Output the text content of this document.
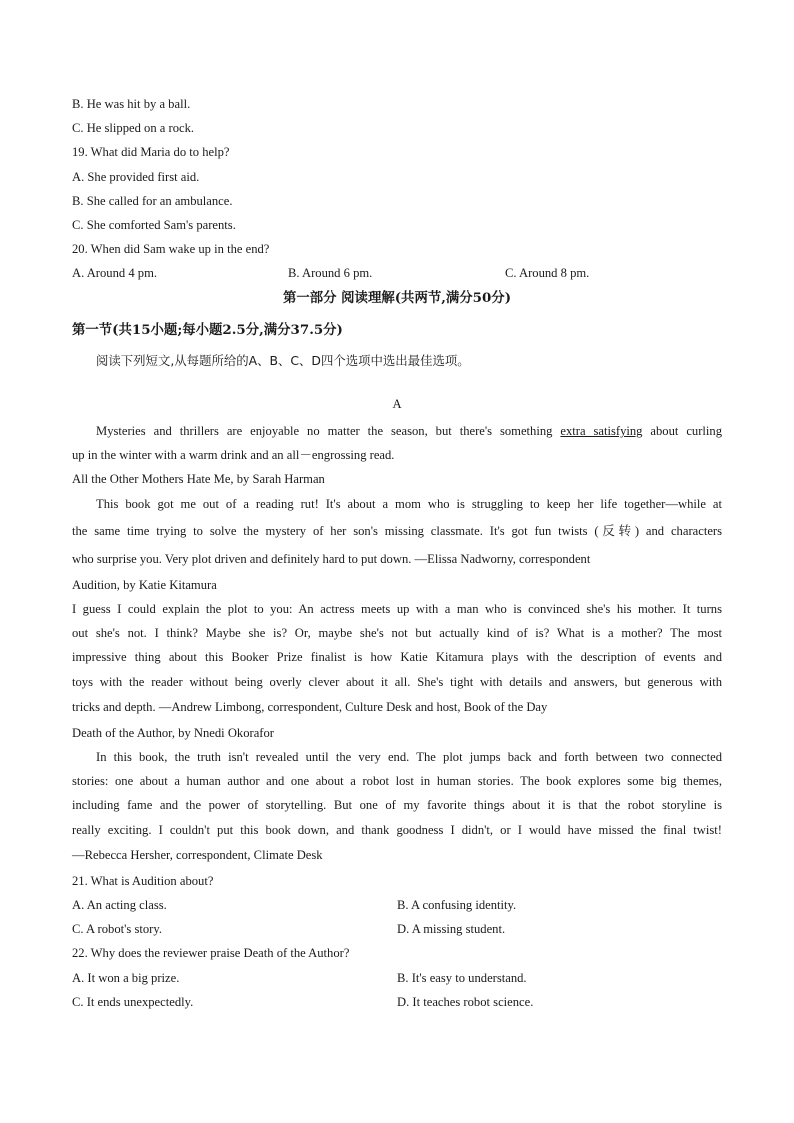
B. He was hit by a ball.
C. He slipped on a rock.
19. What did Maria do to help?
A. She provided first aid.
B. She called for an ambulance.
C. She comforted Sam's parents.
20. When did Sam wake up in the end?
A. Around 4 pm.	B. Around 6 pm.	C. Around 8 pm.
第一部分 阅读理解(共两节,满分50分)
第一节(共15小题;每小题2.5分,满分37.5分)
阅读下列短文,从每题所给的A、B、C、D四个选项中选出最佳选项。
A
Mysteries and thrillers are enjoyable no matter the season, but there's something extra satisfying about curling
up in the winter with a warm drink and an all－engrossing read.
All the Other Mothers Hate Me, by Sarah Harman
This book got me out of a reading rut! It's about a mom who is struggling to keep her life together—while at
the same time trying to solve the mystery of her son's missing classmate. It's got fun twists (反转) and characters
who surprise you. Very plot driven and definitely hard to put down. —Elissa Nadworny, correspondent
Audition, by Katie Kitamura
I guess I could explain the plot to you: An actress meets up with a man who is convinced she's his mother. It turns
out she's not. I think? Maybe she is? Or, maybe she's not but actually kind of is? What is a mother? The most
impressive thing about this Booker Prize finalist is how Katie Kitamura plays with the description of events and
toys with the reader without being overly clever about it all. She's tight with details and answers, but generous with
tricks and depth. —Andrew Limbong, correspondent, Culture Desk and host, Book of the Day
Death of the Author, by Nnedi Okorafor
In this book, the truth isn't revealed until the very end. The plot jumps back and forth between two connected
stories: one about a human author and one about a robot lost in human stories. The book explores some big themes,
including fame and the power of storytelling. But one of my favorite things about it is that the robot storyline is
really exciting. I couldn't put this book down, and thank goodness I didn't, or I would have missed the final twist!
—Rebecca Hersher, correspondent, Climate Desk
21. What is Audition about?
A. An acting class.	B. A confusing identity.
C. A robot's story.	D. A missing student.
22. Why does the reviewer praise Death of the Author?
A. It won a big prize.	B. It's easy to understand.
C. It ends unexpectedly.	D. It teaches robot science.
